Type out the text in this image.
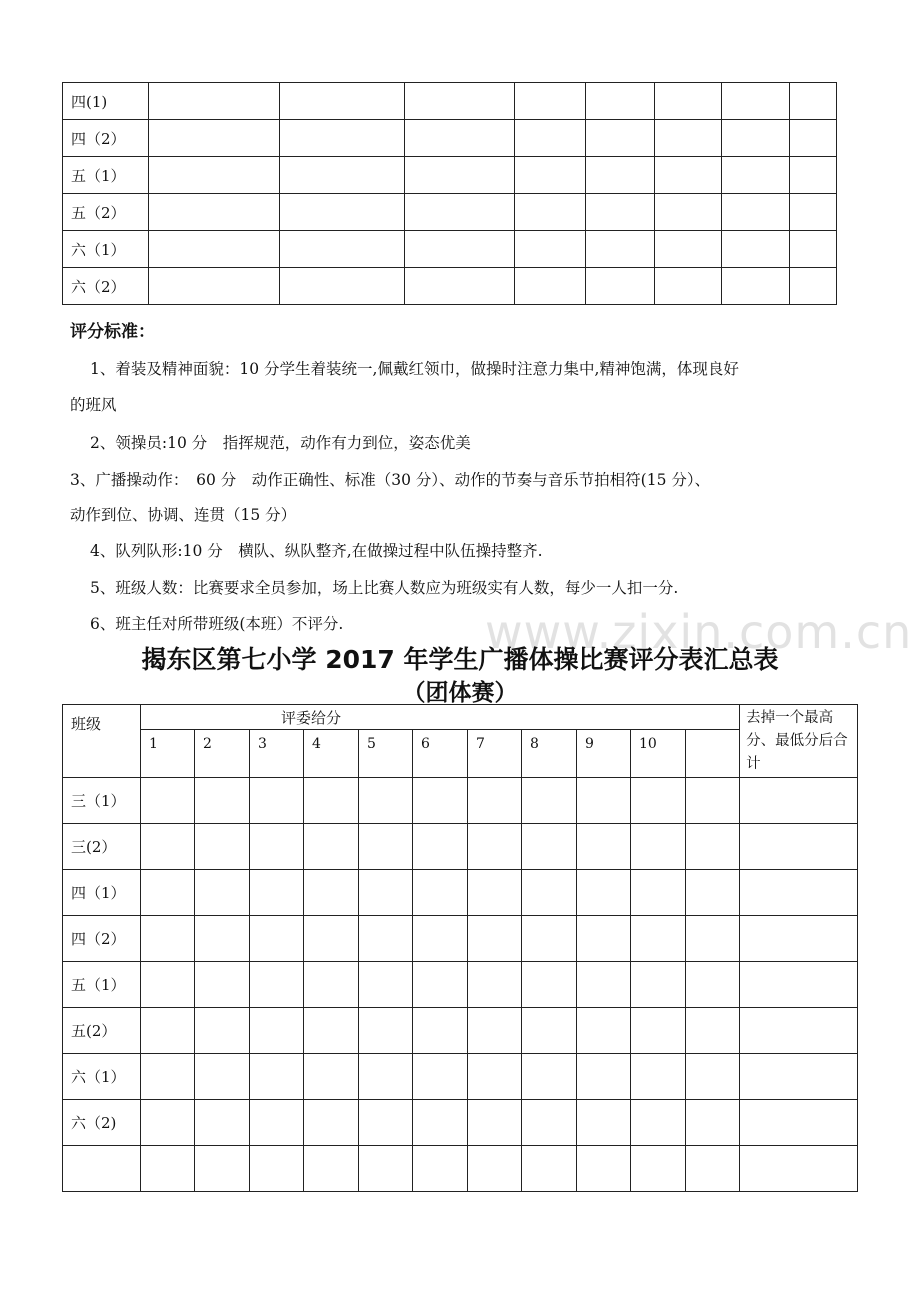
四(1)								
四（2）								
五（1）								
五（2）								
六（1）								
六（2）								
评分标准：
1、着装及精神面貌：10 分学生着装统一,佩戴红领巾，做操时注意力集中,精神饱满，体现良好
的班风
2、领操员:10 分　指挥规范，动作有力到位，姿态优美
3、广播操动作：　60 分　动作正确性、标准（30 分）、动作的节奏与音乐节拍相符(15 分）、
动作到位、协调、连贯（15 分）
4、队列队形:10 分　横队、纵队整齐,在做操过程中队伍操持整齐.
5、班级人数：比赛要求全员参加，场上比赛人数应为班级实有人数，每少一人扣一分.
6、班主任对所带班级(本班）不评分.	www.zixin.com.cn
揭东区第七小学 2017 年学生广播体操比赛评分表汇总表
（团体赛）
班级	评委给分											去掉一个最高分、最低分后合计
	1	2	3	4	5	6	7	8	9	10		
三（1）												
三(2）												
四（1）												
四（2）												
五（1）												
五(2）												
六（1）												
六（2)												
